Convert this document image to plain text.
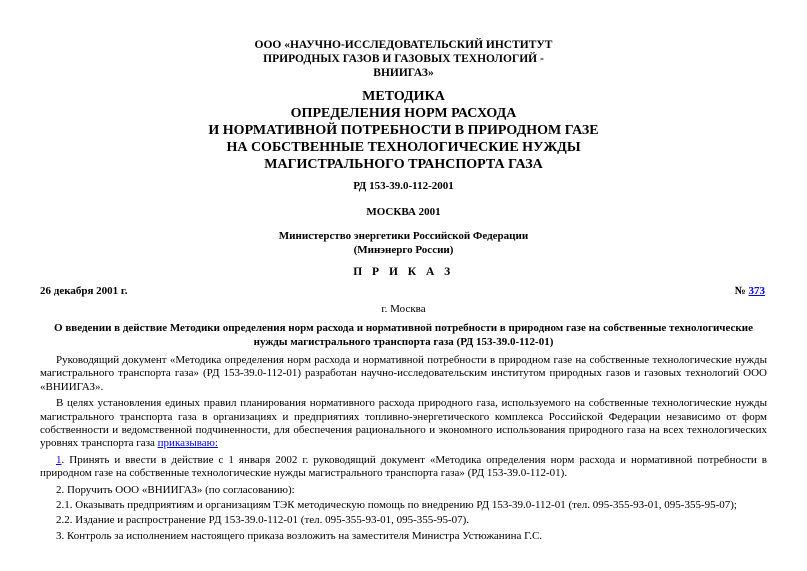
ООО «НАУЧНО-ИССЛЕДОВАТЕЛЬСКИЙ ИНСТИТУТ
ПРИРОДНЫХ ГАЗОВ И ГАЗОВЫХ ТЕХНОЛОГИЙ -
ВНИИГАЗ»
МЕТОДИКА
ОПРЕДЕЛЕНИЯ НОРМ РАСХОДА
И НОРМАТИВНОЙ ПОТРЕБНОСТИ В ПРИРОДНОМ ГАЗЕ
НА СОБСТВЕННЫЕ ТЕХНОЛОГИЧЕСКИЕ НУЖДЫ
МАГИСТРАЛЬНОГО ТРАНСПОРТА ГАЗА
РД 153-39.0-112-2001
МОСКВА 2001
Министерство энергетики Российской Федерации
(Минэнерго России)
П Р И К А З
26 декабря 2001 г.	№ 373
г. Москва
О введении в действие Методики определения норм расхода и нормативной потребности в природном газе на собственные технологические
нужды магистрального транспорта газа (РД 153-39.0-112-01)

Руководящий документ «Методика определения норм расхода и нормативной потребности в природном газе на собственные технологические нужды магистрального транспорта газа» (РД 153-39.0-112-01) разработан научно-исследовательским институтом природных газов и газовых технологий ООО «ВНИИГАЗ».

В целях установления единых правил планирования нормативного расхода природного газа, используемого на собственные технологические нужды магистрального транспорта газа в организациях и предприятиях топливно-энергетического комплекса Российской Федерации независимо от форм собственности и ведомственной подчиненности, для обеспечения рационального и экономного использования природного газа на всех технологических уровнях транспорта газа приказываю:

1. Принять и ввести в действие с 1 января 2002 г. руководящий документ «Методика определения норм расхода и нормативной потребности в природном газе на собственные технологические нужды магистрального транспорта газа» (РД 153-39.0-112-01).

2. Поручить ООО «ВНИИГАЗ» (по согласованию):

2.1. Оказывать предприятиям и организациям ТЭК методическую помощь по внедрению РД 153-39.0-112-01 (тел. 095-355-93-01, 095-355-95-07);

2.2. Издание и распространение РД 153-39.0-112-01 (тел. 095-355-93-01, 095-355-95-07).

3. Контроль за исполнением настоящего приказа возложить на заместителя Министра Устюжанина Г.С.
